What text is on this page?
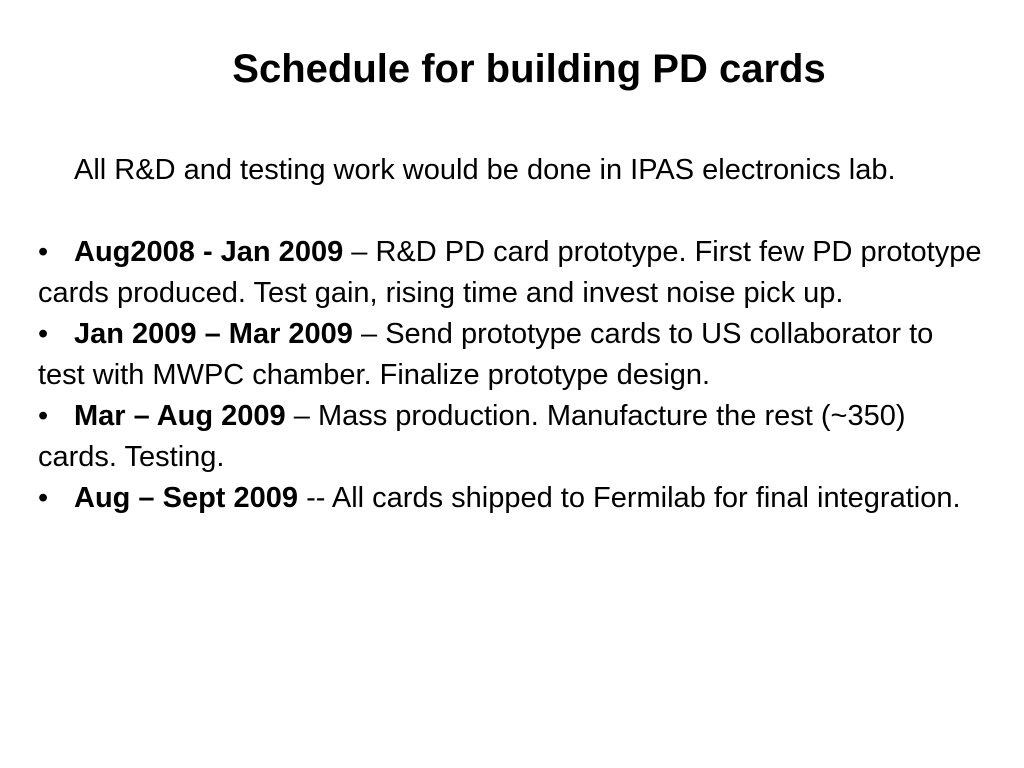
Schedule for building PD cards

All R&D and testing work would be done in IPAS electronics lab.

• Aug2008 - Jan 2009 – R&D PD card prototype. First few PD prototype cards produced. Test gain, rising time and invest noise pick up.

• Jan 2009 – Mar 2009 – Send prototype cards to US collaborator to test with MWPC chamber. Finalize prototype design.

• Mar – Aug 2009 – Mass production. Manufacture the rest (~350) cards. Testing.

• Aug – Sept 2009 -- All cards shipped to Fermilab for final integration.
